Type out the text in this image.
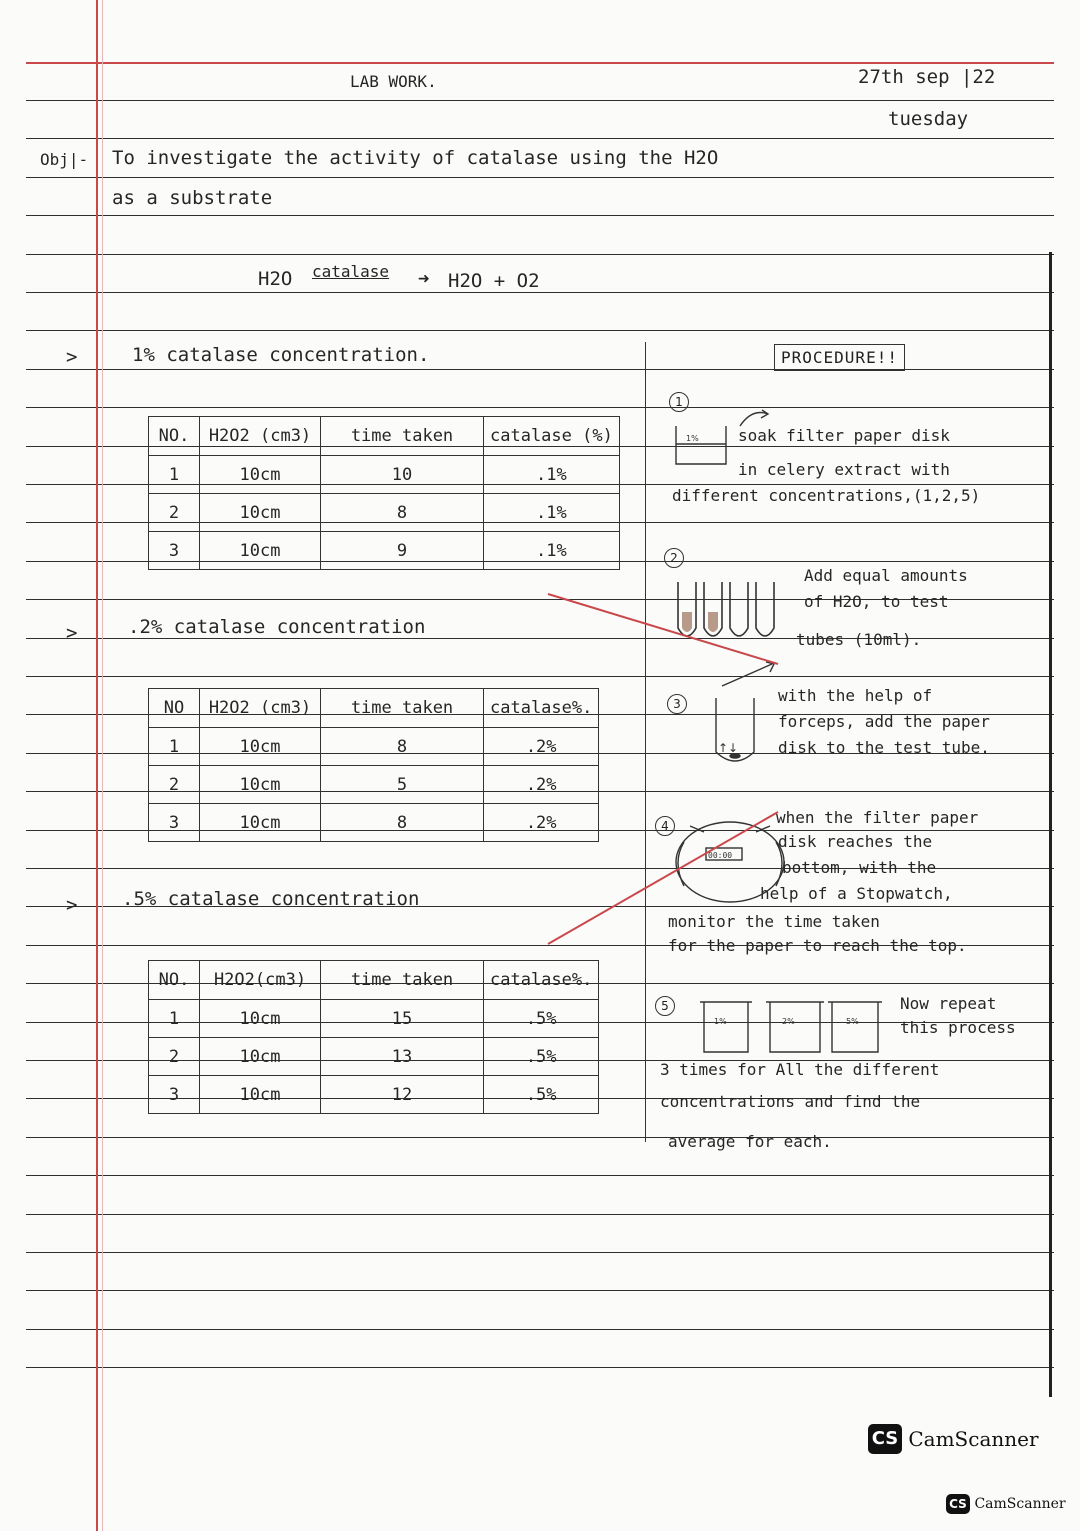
LAB WORK.	27th sep |22
tuesday
Obj|- To investigate the activity of catalase using the H2O
as a substrate
H2O catalase ➜ H2O + O2
>	1% catalase concentration.
NO.	H2O2 (cm3)	time taken	catalase (%)
1	10cm	10	.1%
2	10cm	8	.1%
3	10cm	9	.1%
>	.2% catalase concentration
NO	H2O2 (cm3)	time taken	catalase%.
1	10cm	8	.2%
2	10cm	5	.2%
3	10cm	8	.2%
> .5% catalase concentration
NO.	H2O2(cm3)	time taken	catalase%.
1	10cm	15	.5%
2	10cm	13	.5%
3	10cm	12	.5%
PROCEDURE!!
1
soak filter paper disk
in celery extract with
different concentrations,(1,2,5)
2
Add equal amounts
of H2O, to test
tubes (10ml).
3	with the help of
forceps, add the paper
disk to the test tube.
4	when the filter paper
disk reaches the
bottom, with the
help of a Stopwatch,
monitor the time taken
for the paper to reach the top.
5	Now repeat
this process
3 times for All the different
concentrations and find the
average for each.
1%
↑↓
00:00
1%	2%	5%
CS CamScanner
CS CamScanner
